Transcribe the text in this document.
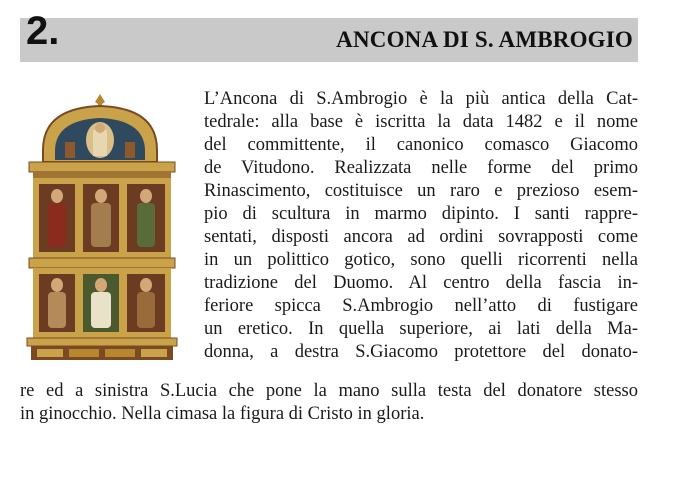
2.	ANCONA DI S. AMBROGIO
L’Ancona di S.Ambrogio è la più antica della Cat-
tedrale: alla base è iscritta la data 1482 e il nome
del committente, il canonico comasco Giacomo
de Vitudono. Realizzata nelle forme del primo
Rinascimento, costituisce un raro e prezioso esem-
pio di scultura in marmo dipinto. I santi rappre-
sentati, disposti ancora ad ordini sovrapposti come
in un polittico gotico, sono quelli ricorrenti nella
tradizione del Duomo. Al centro della fascia in-
feriore spicca S.Ambrogio nell’atto di fustigare
un eretico. In quella superiore, ai lati della Ma-
donna, a destra S.Giacomo protettore del donato-
re ed a sinistra S.Lucia che pone la mano sulla testa del donatore stesso
in ginocchio. Nella cimasa la figura di Cristo in gloria.
